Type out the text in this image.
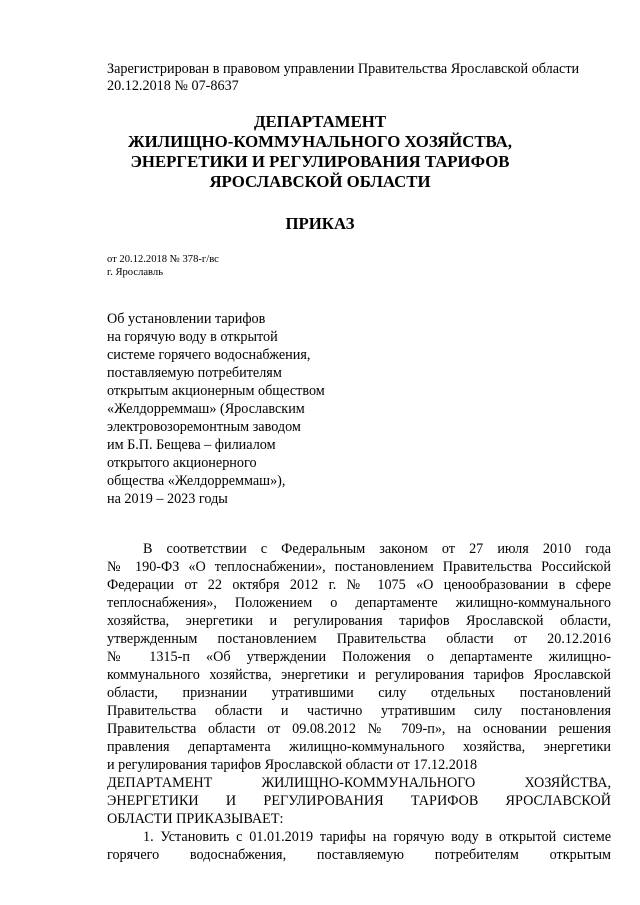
Зарегистрирован в правовом управлении Правительства Ярославской области
20.12.2018 № 07-8637
ДЕПАРТАМЕНТ
ЖИЛИЩНО-КОММУНАЛЬНОГО ХОЗЯЙСТВА,
ЭНЕРГЕТИКИ И РЕГУЛИРОВАНИЯ ТАРИФОВ
ЯРОСЛАВСКОЙ ОБЛАСТИ
ПРИКАЗ
от 20.12.2018 № 378-г/вс
г. Ярославль
Об установлении тарифов
на горячую воду в открытой
системе горячего водоснабжения,
поставляемую потребителям
открытым акционерным обществом
«Желдорреммаш» (Ярославским
электровозоремонтным заводом
им Б.П. Бещева – филиалом
открытого акционерного
общества «Желдорреммаш»),
на 2019 – 2023 годы
В соответствии с Федеральным законом от 27 июля 2010 года
№ 190-ФЗ «О теплоснабжении», постановлением Правительства Российской
Федерации от 22 октября 2012 г. № 1075 «О ценообразовании в сфере
теплоснабжения», Положением о департаменте жилищно-коммунального
хозяйства, энергетики и регулирования тарифов Ярославской области,
утвержденным постановлением Правительства области от 20.12.2016
№ 1315-п «Об утверждении Положения о департаменте жилищно-
коммунального хозяйства, энергетики и регулирования тарифов Ярославской
области, признании утратившими силу отдельных постановлений
Правительства области и частично утратившим силу постановления
Правительства области от 09.08.2012 № 709-п», на основании решения
правления департамента жилищно-коммунального хозяйства, энергетики
и регулирования тарифов Ярославской области от 17.12.2018
ДЕПАРТАМЕНТ ЖИЛИЩНО-КОММУНАЛЬНОГО ХОЗЯЙСТВА,
ЭНЕРГЕТИКИ И РЕГУЛИРОВАНИЯ ТАРИФОВ ЯРОСЛАВСКОЙ
ОБЛАСТИ ПРИКАЗЫВАЕТ:
1. Установить с 01.01.2019 тарифы на горячую воду в открытой системе
горячего водоснабжения, поставляемую потребителям открытым
